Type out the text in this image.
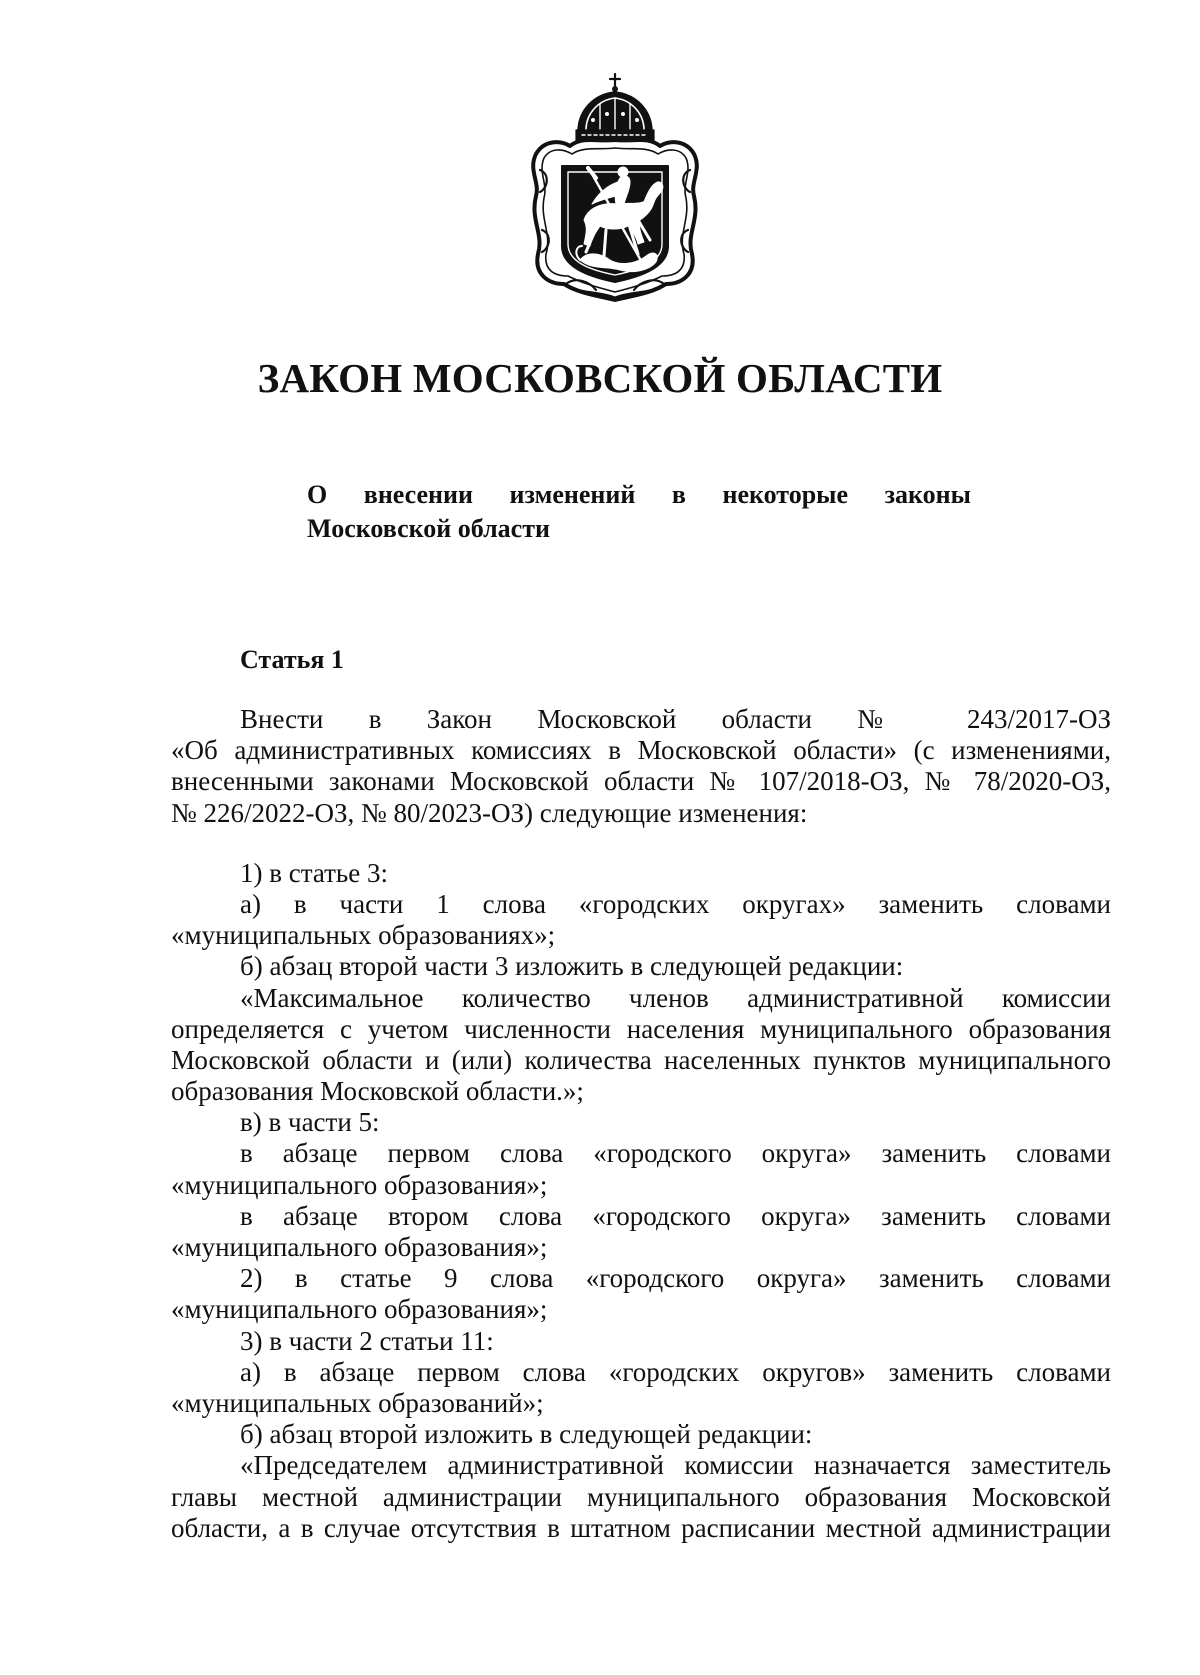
ЗАКОН МОСКОВСКОЙ ОБЛАСТИ
О внесении изменений в некоторые законы
Московской области
Статья 1
Внести в Закон Московской области № 243/2017-ОЗ
«Об административных комиссиях в Московской области» (с изменениями,
внесенными законами Московской области № 107/2018-ОЗ, № 78/2020-ОЗ,
№ 226/2022-ОЗ, № 80/2023-ОЗ) следующие изменения:
1) в статье 3:
а) в части 1 слова «городских округах» заменить словами
«муниципальных образованиях»;
б) абзац второй части 3 изложить в следующей редакции:
«Максимальное количество членов административной комиссии
определяется с учетом численности населения муниципального образования
Московской области и (или) количества населенных пунктов муниципального
образования Московской области.»;
в) в части 5:
в абзаце первом слова «городского округа» заменить словами
«муниципального образования»;
в абзаце втором слова «городского округа» заменить словами
«муниципального образования»;
2) в статье 9 слова «городского округа» заменить словами
«муниципального образования»;
3) в части 2 статьи 11:
а) в абзаце первом слова «городских округов» заменить словами
«муниципальных образований»;
б) абзац второй изложить в следующей редакции:
«Председателем административной комиссии назначается заместитель
главы местной администрации муниципального образования Московской
области, а в случае отсутствия в штатном расписании местной администрации
